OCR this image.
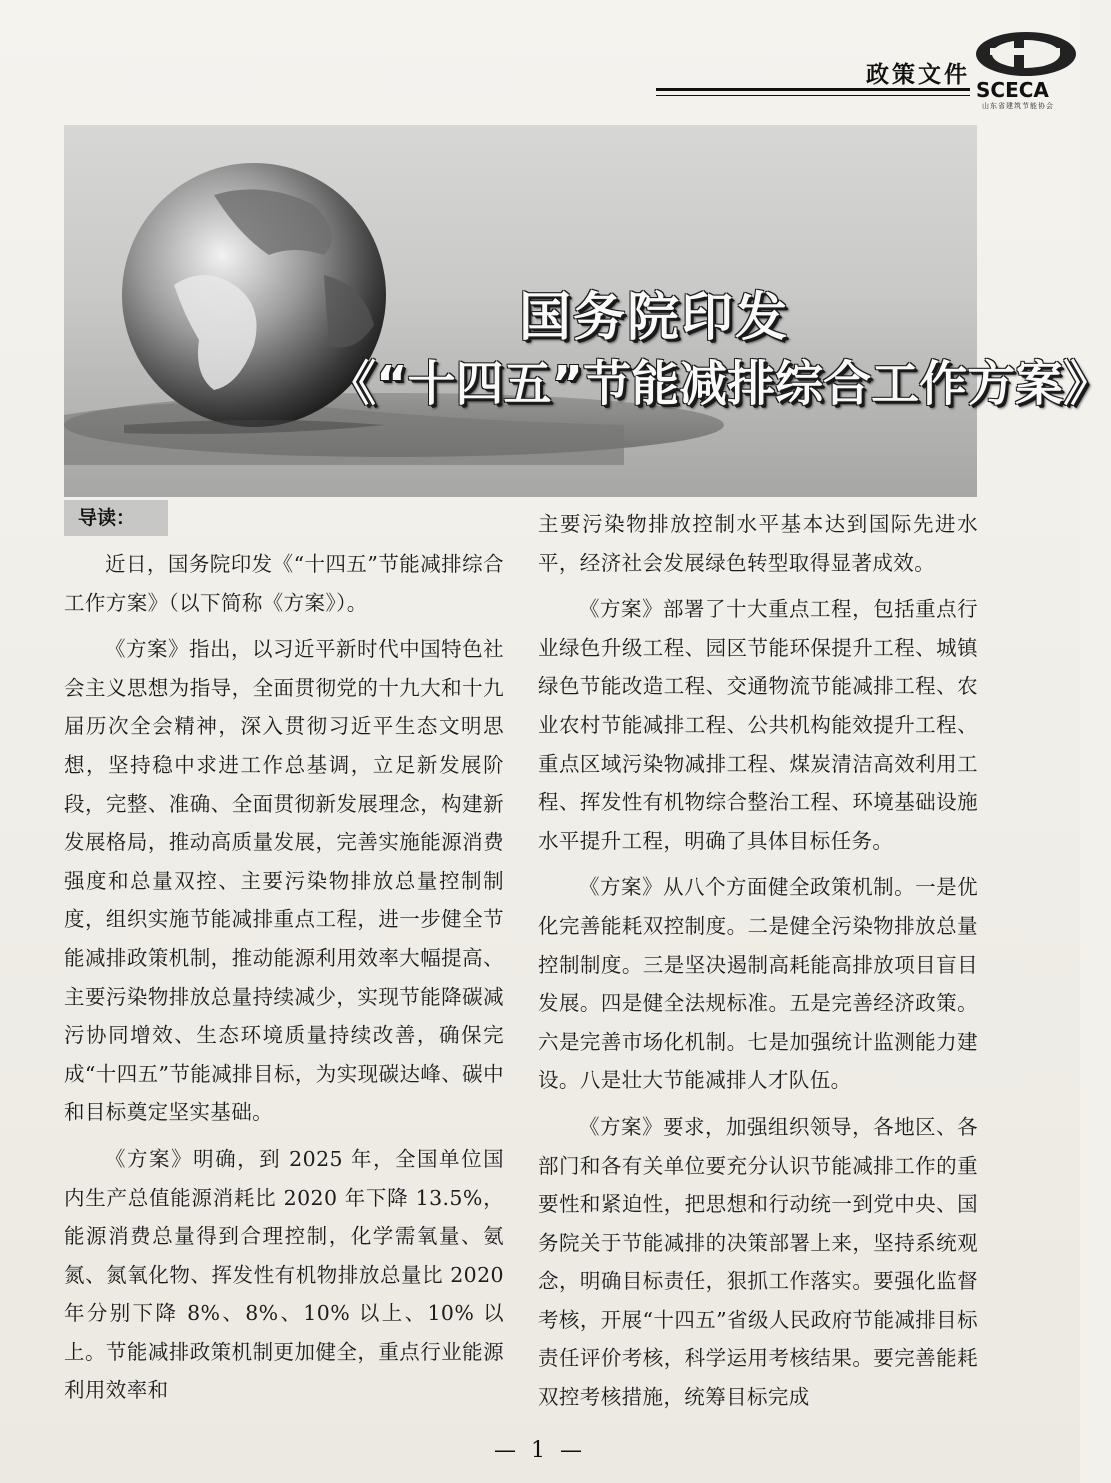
政策文件
SCECA
山东省建筑节能协会
国务院印发
《“十四五”节能减排综合工作方案》
导读：

近日，国务院印发《“十四五”节能减排综合工作方案》（以下简称《方案》）。

《方案》指出，以习近平新时代中国特色社会主义思想为指导，全面贯彻党的十九大和十九届历次全会精神，深入贯彻习近平生态文明思想，坚持稳中求进工作总基调，立足新发展阶段，完整、准确、全面贯彻新发展理念，构建新发展格局，推动高质量发展，完善实施能源消费强度和总量双控、主要污染物排放总量控制制度，组织实施节能减排重点工程，进一步健全节能减排政策机制，推动能源利用效率大幅提高、主要污染物排放总量持续减少，实现节能降碳减污协同增效、生态环境质量持续改善，确保完成“十四五”节能减排目标，为实现碳达峰、碳中和目标奠定坚实基础。

《方案》明确，到 2025 年，全国单位国内生产总值能源消耗比 2020 年下降 13.5%，能源消费总量得到合理控制，化学需氧量、氨氮、氮氧化物、挥发性有机物排放总量比 2020 年分别下降 8%、8%、10% 以上、10% 以上。节能减排政策机制更加健全，重点行业能源利用效率和

主要污染物排放控制水平基本达到国际先进水平，经济社会发展绿色转型取得显著成效。

《方案》部署了十大重点工程，包括重点行业绿色升级工程、园区节能环保提升工程、城镇绿色节能改造工程、交通物流节能减排工程、农业农村节能减排工程、公共机构能效提升工程、重点区域污染物减排工程、煤炭清洁高效利用工程、挥发性有机物综合整治工程、环境基础设施水平提升工程，明确了具体目标任务。

《方案》从八个方面健全政策机制。一是优化完善能耗双控制度。二是健全污染物排放总量控制制度。三是坚决遏制高耗能高排放项目盲目发展。四是健全法规标准。五是完善经济政策。六是完善市场化机制。七是加强统计监测能力建设。八是壮大节能减排人才队伍。

《方案》要求，加强组织领导，各地区、各部门和各有关单位要充分认识节能减排工作的重要性和紧迫性，把思想和行动统一到党中央、国务院关于节能减排的决策部署上来，坚持系统观念，明确目标责任，狠抓工作落实。要强化监督考核，开展“十四五”省级人民政府节能减排目标责任评价考核，科学运用考核结果。要完善能耗双控考核措施，统筹目标完成

— 1 —
